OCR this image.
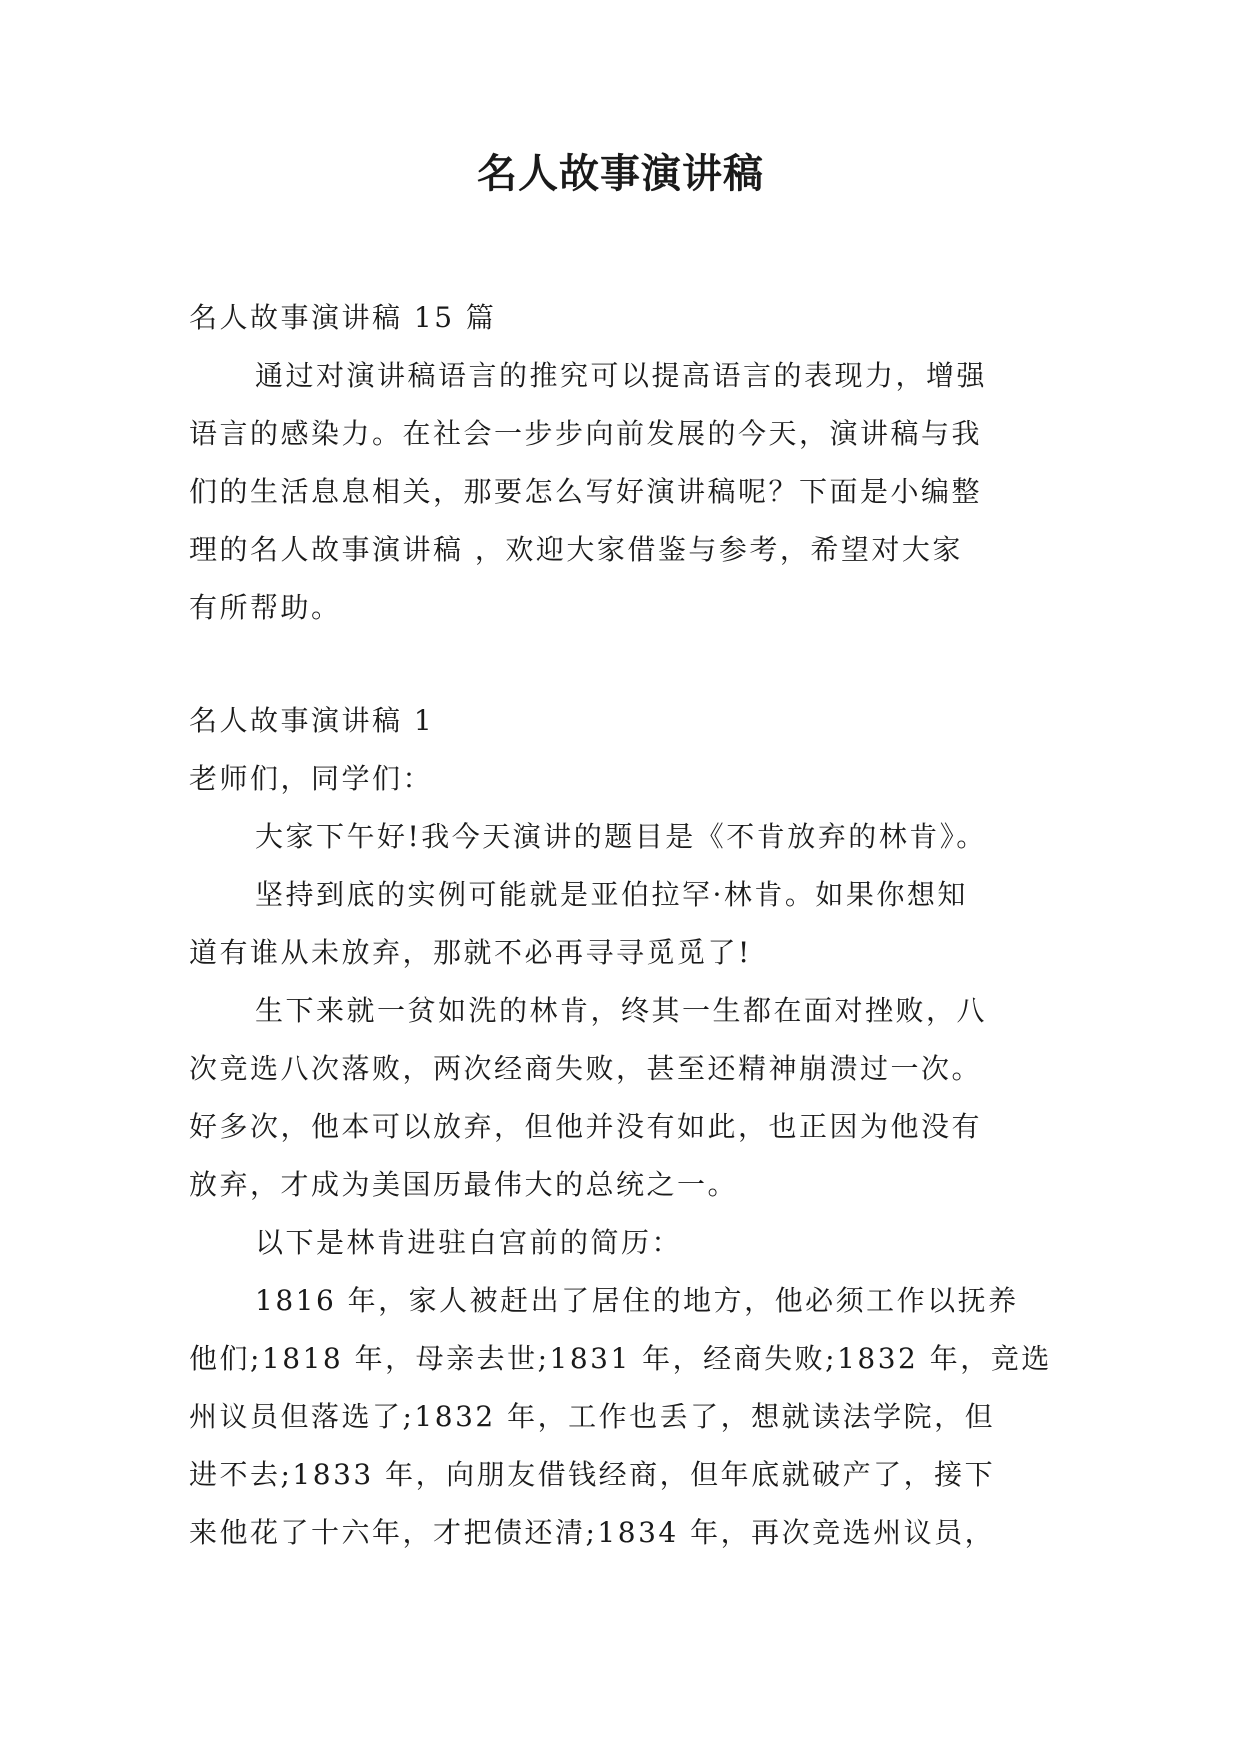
名人故事演讲稿
名人故事演讲稿 15 篇
通过对演讲稿语言的推究可以提高语言的表现力，增强
语言的感染力。在社会一步步向前发展的今天，演讲稿与我
们的生活息息相关，那要怎么写好演讲稿呢？下面是小编整
理的名人故事演讲稿 ，欢迎大家借鉴与参考，希望对大家
有所帮助。
名人故事演讲稿 1
老师们，同学们：
大家下午好!我今天演讲的题目是《不肯放弃的林肯》。
坚持到底的实例可能就是亚伯拉罕·林肯。如果你想知
道有谁从未放弃，那就不必再寻寻觅觅了!
生下来就一贫如洗的林肯，终其一生都在面对挫败，八
次竞选八次落败，两次经商失败，甚至还精神崩溃过一次。
好多次，他本可以放弃，但他并没有如此，也正因为他没有
放弃，才成为美国历最伟大的总统之一。
以下是林肯进驻白宫前的简历：
1816 年，家人被赶出了居住的地方，他必须工作以抚养
他们;1818 年，母亲去世;1831 年，经商失败;1832 年，竞选
州议员但落选了;1832 年，工作也丢了，想就读法学院，但
进不去;1833 年，向朋友借钱经商，但年底就破产了，接下
来他花了十六年，才把债还清;1834 年，再次竞选州议员，
